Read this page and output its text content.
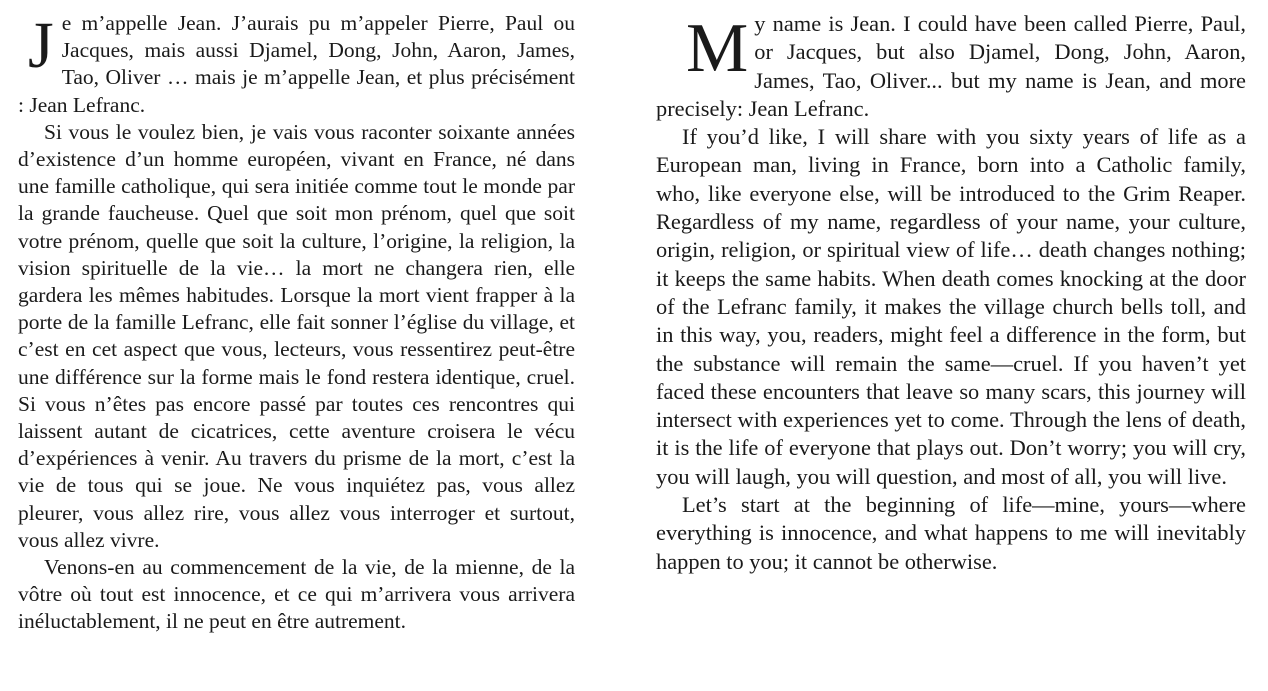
Je m’appelle Jean. J’aurais pu m’appeler Pierre, Paul ou Jacques, mais aussi Djamel, Dong, John, Aaron, James, Tao, Oliver … mais je m’appelle Jean, et plus précisément : Jean Lefranc.

Si vous le voulez bien, je vais vous raconter soixante années d’existence d’un homme européen, vivant en France, né dans une famille catholique, qui sera initiée comme tout le monde par la grande faucheuse. Quel que soit mon prénom, quel que soit votre prénom, quelle que soit la culture, l’origine, la religion, la vision spirituelle de la vie… la mort ne changera rien, elle gardera les mêmes habitudes. Lorsque la mort vient frapper à la porte de la famille Lefranc, elle fait sonner l’église du village, et c’est en cet aspect que vous, lecteurs, vous ressentirez peut-être une différence sur la forme mais le fond restera identique, cruel. Si vous n’êtes pas encore passé par toutes ces rencontres qui laissent autant de cicatrices, cette aventure croisera le vécu d’expériences à venir. Au travers du prisme de la mort, c’est la vie de tous qui se joue. Ne vous inquiétez pas, vous allez pleurer, vous allez rire, vous allez vous interroger et surtout, vous allez vivre.

Venons-en au commencement de la vie, de la mienne, de la vôtre où tout est innocence, et ce qui m’arrivera vous arrivera inéluctablement, il ne peut en être autrement.

My name is Jean. I could have been called Pierre, Paul, or Jacques, but also Djamel, Dong, John, Aaron, James, Tao, Oliver... but my name is Jean, and more precisely: Jean Lefranc.

If you’d like, I will share with you sixty years of life as a European man, living in France, born into a Catholic family, who, like everyone else, will be introduced to the Grim Reaper. Regardless of my name, regardless of your name, your culture, origin, religion, or spiritual view of life… death changes nothing; it keeps the same habits. When death comes knocking at the door of the Lefranc family, it makes the village church bells toll, and in this way, you, readers, might feel a difference in the form, but the substance will remain the same—cruel. If you haven’t yet faced these encounters that leave so many scars, this journey will intersect with experiences yet to come. Through the lens of death, it is the life of everyone that plays out. Don’t worry; you will cry, you will laugh, you will question, and most of all, you will live.

Let’s start at the beginning of life—mine, yours—where everything is innocence, and what happens to me will inevitably happen to you; it cannot be otherwise.
